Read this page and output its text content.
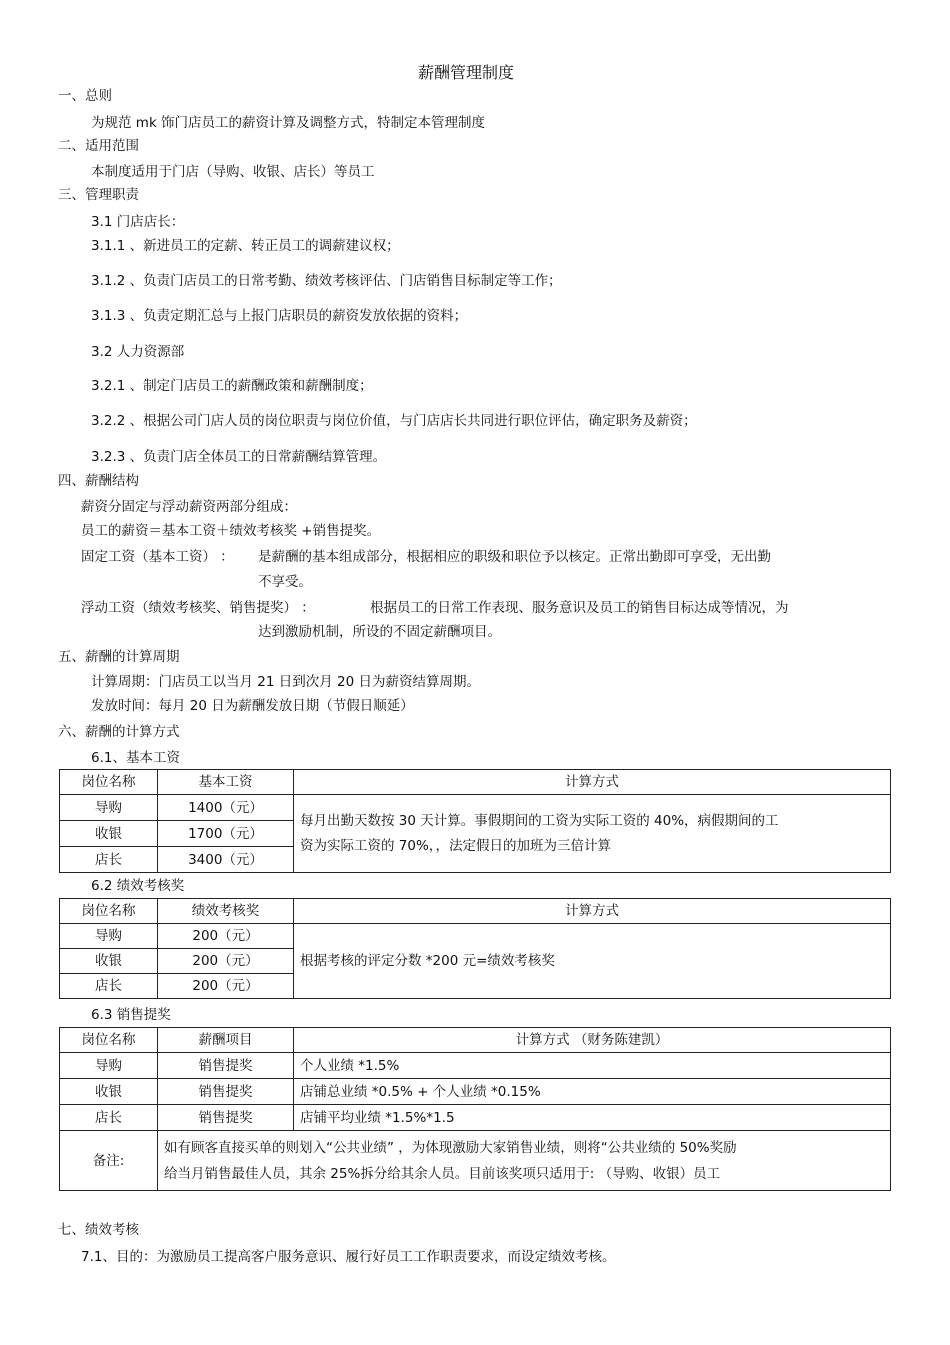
薪酬管理制度
一、总则
为规范 mk 饰门店员工的薪资计算及调整方式，特制定本管理制度
二、适用范围
本制度适用于门店（导购、收银、店长）等员工
三、管理职责
3.1 门店店长：
3.1.1 、新进员工的定薪、转正员工的调薪建议权；
3.1.2 、负责门店员工的日常考勤、绩效考核评估、门店销售目标制定等工作；
3.1.3 、负责定期汇总与上报门店职员的薪资发放依据的资料；
3.2 人力资源部
3.2.1 、制定门店员工的薪酬政策和薪酬制度；
3.2.2 、根据公司门店人员的岗位职责与岗位价值，与门店店长共同进行职位评估，确定职务及薪资；
3.2.3 、负责门店全体员工的日常薪酬结算管理。
四、薪酬结构
薪资分固定与浮动薪资两部分组成：
员工的薪资＝基本工资＋绩效考核奖 +销售提奖。
固定工资（基本工资） ： 是薪酬的基本组成部分，根据相应的职级和职位予以核定。正常出勤即可享受，无出勤
不享受。
浮动工资（绩效考核奖、销售提奖） ：	根据员工的日常工作表现、服务意识及员工的销售目标达成等情况，为
达到激励机制，所设的不固定薪酬项目。
五、薪酬的计算周期
计算周期：门店员工以当月 21 日到次月 20 日为薪资结算周期。
发放时间：每月 20 日为薪酬发放日期（节假日顺延）
六、薪酬的计算方式
6.1、基本工资
岗位名称	基本工资	计算方式
导购	1400（元）	每月出勤天数按 30 天计算。事假期间的工资为实际工资的 40%，病假期间的工
资为实际工资的 70%，，法定假日的加班为三倍计算

收银	1700（元）	
店长	3400（元）	
6.2 绩效考核奖
岗位名称	绩效考核奖	计算方式
导购	200（元）	根据考核的评定分数 *200 元=绩效考核奖
收银	200（元）	
店长	200（元）	
6.3 销售提奖
岗位名称	薪酬项目	计算方式 （财务陈建凯）
导购	销售提奖	个人业绩 *1.5%
收银	销售提奖	店铺总业绩 *0.5% + 个人业绩 *0.15%
店长	销售提奖	店铺平均业绩 *1.5%*1.5
备注:	如有顾客直接买单的则划入“公共业绩” ，为体现激励大家销售业绩，则将“公共业绩的 50%奖励
给当月销售最佳人员，其余 25%拆分给其余人员。目前该奖项只适用于: （导购、收银）员工	
七、绩效考核
7.1、目的：为激励员工提高客户服务意识、履行好员工工作职责要求，而设定绩效考核。
